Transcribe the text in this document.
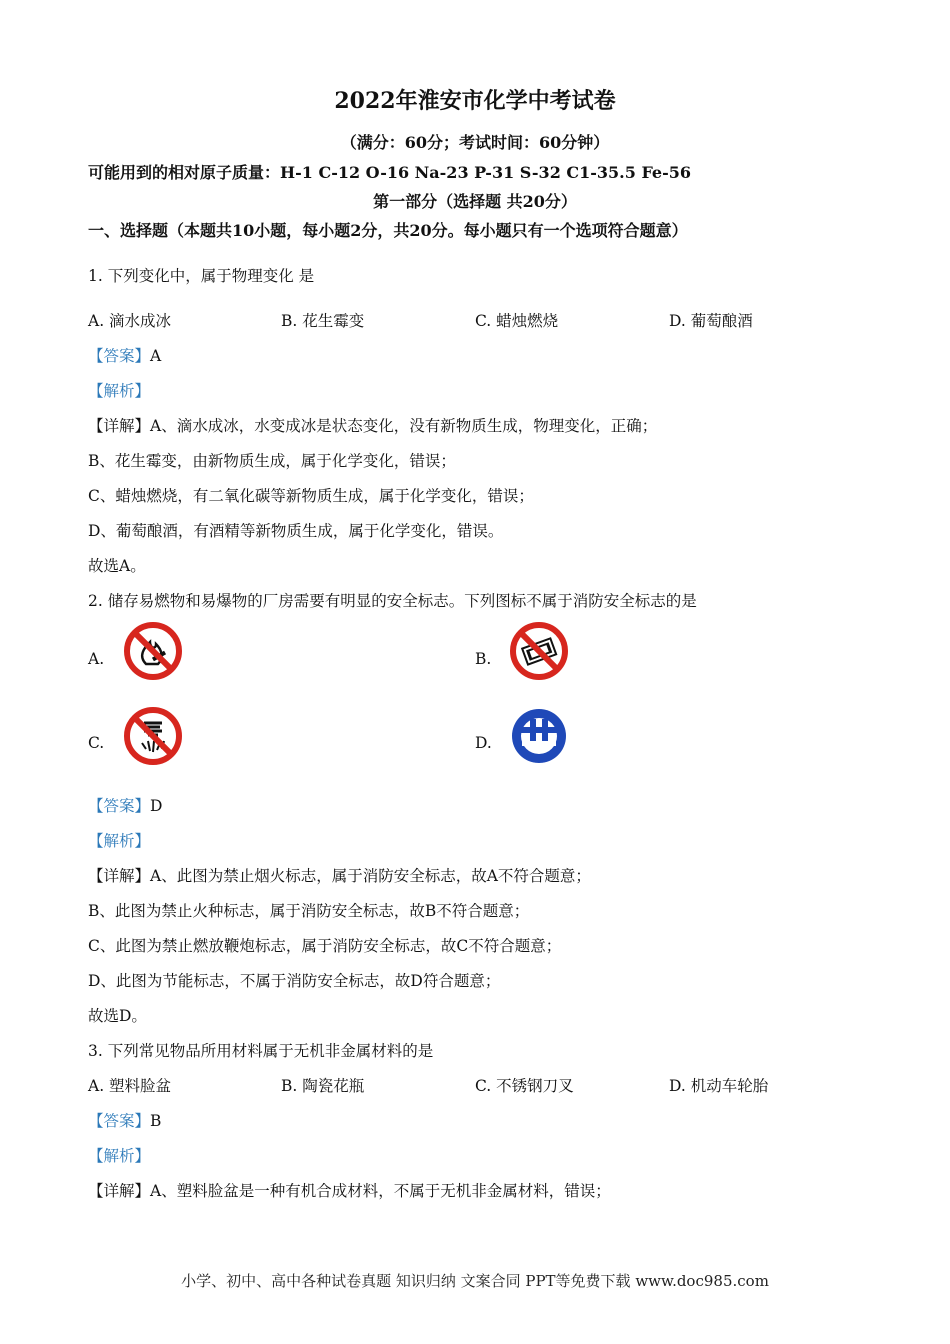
2022年淮安市化学中考试卷
（满分：60分；考试时间：60分钟）
可能用到的相对原子质量：H-1 C-12 O-16 Na-23 P-31 S-32 C1-35.5 Fe-56
第一部分（选择题 共20分）
一、选择题（本题共10小题，每小题2分，共20分。每小题只有一个选项符合题意）
1. 下列变化中，属于物理变化 是
A. 滴水成冰	B. 花生霉变	C. 蜡烛燃烧	D. 葡萄酿酒
【答案】A
【解析】
【详解】A、滴水成冰，水变成冰是状态变化，没有新物质生成，物理变化，正确；
B、花生霉变，由新物质生成，属于化学变化，错误；
C、蜡烛燃烧，有二氧化碳等新物质生成，属于化学变化，错误；
D、葡萄酿酒，有酒精等新物质生成，属于化学变化，错误。
故选A。
2. 储存易燃物和易爆物的厂房需要有明显的安全标志。下列图标不属于消防安全标志的是
A.	B.
C.	D.
【答案】D
【解析】
【详解】A、此图为禁止烟火标志，属于消防安全标志，故A不符合题意；
B、此图为禁止火种标志，属于消防安全标志，故B不符合题意；
C、此图为禁止燃放鞭炮标志，属于消防安全标志，故C不符合题意；
D、此图为节能标志，不属于消防安全标志，故D符合题意；
故选D。
3. 下列常见物品所用材料属于无机非金属材料的是
A. 塑料脸盆	B. 陶瓷花瓶	C. 不锈钢刀叉	D. 机动车轮胎
【答案】B
【解析】
【详解】A、塑料脸盆是一种有机合成材料，不属于无机非金属材料，错误；
小学、初中、高中各种试卷真题 知识归纳 文案合同 PPT等免费下载 www.doc985.com
